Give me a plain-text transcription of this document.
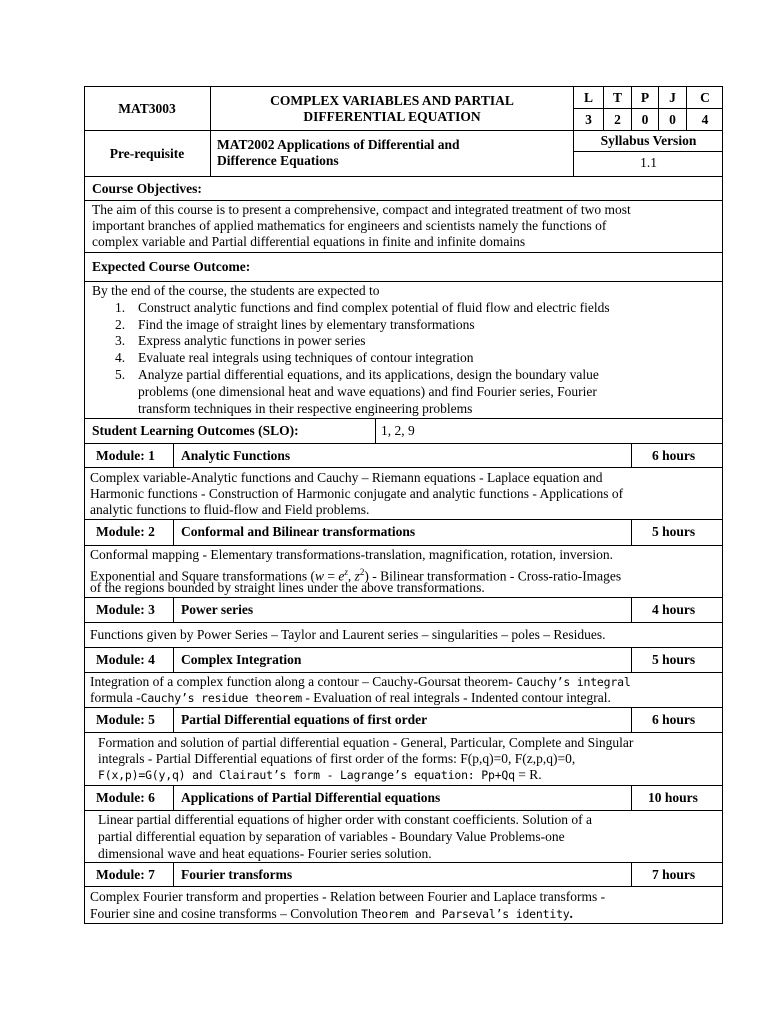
MAT3003
COMPLEX VARIABLES AND PARTIAL
DIFFERENTIAL EQUATION
L	T	P	J	C
3	2	0	0	4
Pre-requisite
MAT2002 Applications of Differential and
Difference Equations
Syllabus Version
1.1
Course Objectives:
The aim of this course is to present a comprehensive, compact and integrated treatment of two most
important branches of applied mathematics for engineers and scientists namely the functions of
complex variable and Partial differential equations in finite and infinite domains
Expected Course Outcome:
By the end of the course, the students are expected to
1. Construct analytic functions and find complex potential of fluid flow and electric fields
2. Find the image of straight lines by elementary transformations
3. Express analytic functions in power series
4. Evaluate real integrals using techniques of contour integration
5. Analyze partial differential equations, and its applications, design the boundary value
problems (one dimensional heat and wave equations) and find Fourier series, Fourier
transform techniques in their respective engineering problems
Student Learning Outcomes (SLO):	1, 2, 9
Module: 1 Analytic Functions	6 hours
Complex variable-Analytic functions and Cauchy – Riemann equations - Laplace equation and
Harmonic functions - Construction of Harmonic conjugate and analytic functions - Applications of
analytic functions to fluid-flow and Field problems.
Module: 2 Conformal and Bilinear transformations	5 hours
Conformal mapping - Elementary transformations-translation, magnification, rotation, inversion.
Exponential and Square transformations ($w = e^z$, $z^2$) - Bilinear transformation - Cross-ratio-Images
of the regions bounded by straight lines under the above transformations.
Module: 3 Power series	4 hours
Functions given by Power Series – Taylor and Laurent series – singularities – poles – Residues.
Module: 4 Complex Integration	5 hours
Integration of a complex function along a contour – Cauchy-Goursat theorem- Cauchy’s integral
formula -Cauchy’s residue theorem - Evaluation of real integrals - Indented contour integral.
Module: 5 Partial Differential equations of first order	6 hours
Formation and solution of partial differential equation - General, Particular, Complete and Singular
integrals - Partial Differential equations of first order of the forms: F(p,q)=0, F(z,p,q)=0,
F(x,p)=G(y,q) and Clairaut’s form - Lagrange’s equation: Pp+Qq = R.
Module: 6 Applications of Partial Differential equations	10 hours
Linear partial differential equations of higher order with constant coefficients. Solution of a
partial differential equation by separation of variables - Boundary Value Problems-one
dimensional wave and heat equations- Fourier series solution.
Module: 7 Fourier transforms	7 hours
Complex Fourier transform and properties - Relation between Fourier and Laplace transforms -
Fourier sine and cosine transforms – Convolution Theorem and Parseval’s identity.
